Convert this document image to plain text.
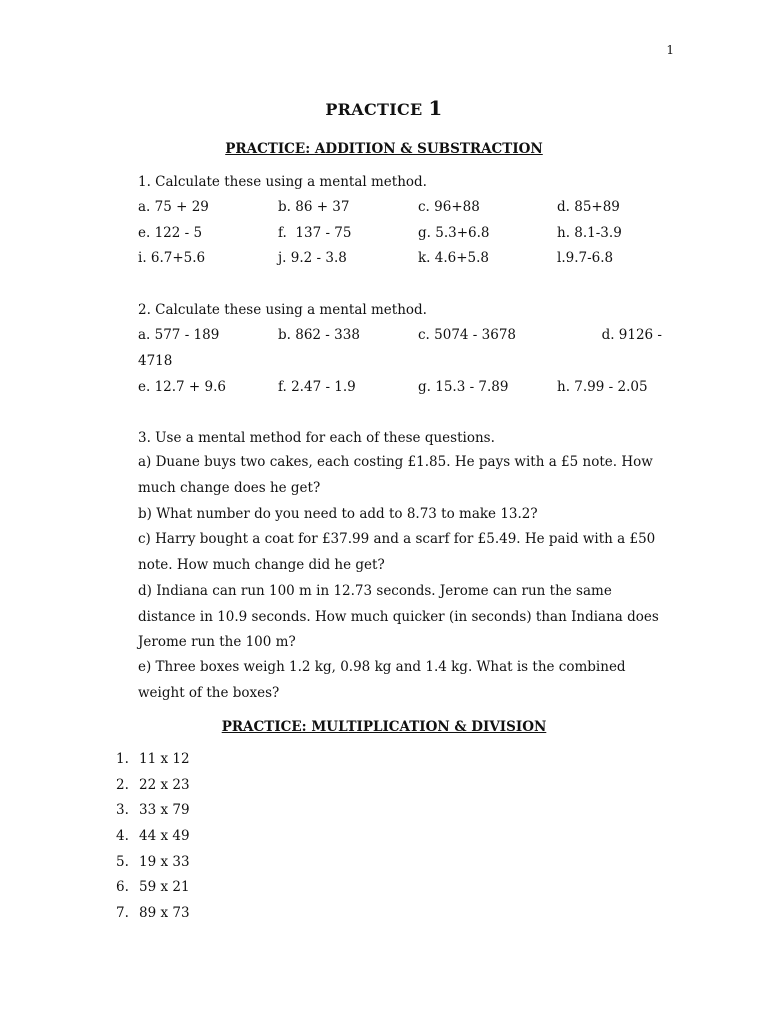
1
PRACTICE 1
PRACTICE: ADDITION & SUBSTRACTION
1. Calculate these using a mental method.
a. 75 + 29	b. 86 + 37	c. 96+88	d. 85+89
e. 122 - 5	f.  137 - 75	g. 5.3+6.8	h. 8.1-3.9
i. 6.7+5.6	j. 9.2 - 3.8	k. 4.6+5.8	l.9.7-6.8
2. Calculate these using a mental method.
a. 577 - 189	b. 862 - 338	c. 5074 - 3678	d. 9126 -
4718
e. 12.7 + 9.6	f. 2.47 - 1.9	g. 15.3 - 7.89	h. 7.99 - 2.05
3. Use a mental method for each of these questions.
a) Duane buys two cakes, each costing £1.85. He pays with a £5 note. How much change does he get?
b) What number do you need to add to 8.73 to make 13.2?
c) Harry bought a coat for £37.99 and a scarf for £5.49. He paid with a £50 note. How much change did he get?
d) Indiana can run 100 m in 12.73 seconds. Jerome can run the same distance in 10.9 seconds. How much quicker (in seconds) than Indiana does Jerome run the 100 m?
e) Three boxes weigh 1.2 kg, 0.98 kg and 1.4 kg. What is the combined weight of the boxes?
PRACTICE: MULTIPLICATION & DIVISION
1. 11 x 12
2. 22 x 23
3. 33 x 79
4. 44 x 49
5. 19 x 33
6. 59 x 21
7. 89 x 73
